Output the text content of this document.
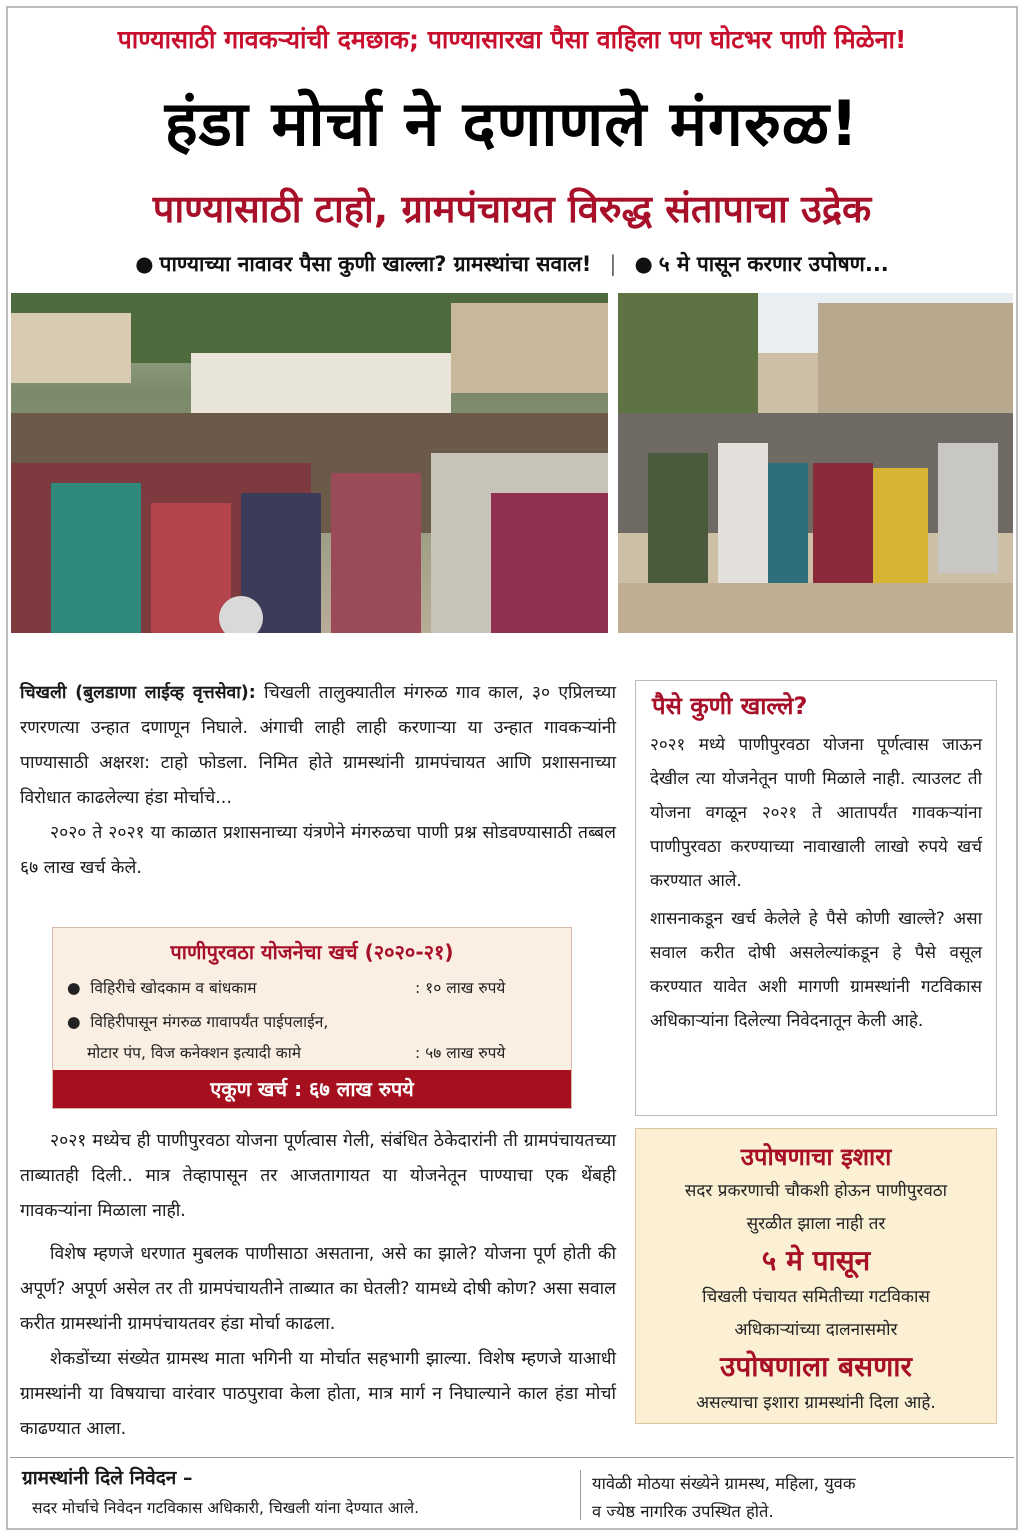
पाण्यासाठी गावकऱ्यांची दमछाक; पाण्यासारखा पैसा वाहिला पण घोटभर पाणी मिळेना!
हंडा मोर्चा ने दणाणले मंगरुळ!
पाण्यासाठी टाहो, ग्रामपंचायत विरुद्ध संतापाचा उद्रेक
● पाण्याच्या नावावर पैसा कुणी खाल्ला? ग्रामस्थांचा सवाल! | ● ५ मे पासून करणार उपोषण...

चिखली (बुलडाणा लाईव्ह वृत्तसेवा): चिखली तालुक्यातील मंगरुळ गाव काल, ३० एप्रिलच्या रणरणत्या उन्हात दणाणून निघाले. अंगाची लाही लाही करणाऱ्या या उन्हात गावकऱ्यांनी पाण्यासाठी अक्षरश: टाहो फोडला. निमित होते ग्रामस्थांनी ग्रामपंचायत आणि प्रशासनाच्या विरोधात काढलेल्या हंडा मोर्चाचे...

२०२० ते २०२१ या काळात प्रशासनाच्या यंत्रणेने मंगरुळचा पाणी प्रश्न सोडवण्यासाठी तब्बल ६७ लाख खर्च केले.

पाणीपुरवठा योजनेचा खर्च (२०२०-२१)
● विहिरीचे खोदकाम व बांधकाम	: १० लाख रुपये
● विहिरीपासून मंगरुळ गावापर्यंत पाईपलाईन,
मोटार पंप, विज कनेक्शन इत्यादी कामे	: ५७ लाख रुपये
एकूण खर्च : ६७ लाख रुपये

२०२१ मध्येच ही पाणीपुरवठा योजना पूर्णत्वास गेली, संबंधित ठेकेदारांनी ती ग्रामपंचायतच्या ताब्यातही दिली.. मात्र तेव्हापासून तर आजतागायत या योजनेतून पाण्याचा एक थेंबही गावकऱ्यांना मिळाला नाही.

विशेष म्हणजे धरणात मुबलक पाणीसाठा असताना, असे का झाले? योजना पूर्ण होती की अपूर्ण? अपूर्ण असेल तर ती ग्रामपंचायतीने ताब्यात का घेतली? यामध्ये दोषी कोण? असा सवाल करीत ग्रामस्थांनी ग्रामपंचायतवर हंडा मोर्चा काढला.

शेकडोंच्या संख्येत ग्रामस्थ माता भगिनी या मोर्चात सहभागी झाल्या. विशेष म्हणजे याआधी ग्रामस्थांनी या विषयाचा वारंवार पाठपुरावा केला होता, मात्र मार्ग न निघाल्याने काल हंडा मोर्चा काढण्यात आला.

पैसे कुणी खाल्ले?

२०२१ मध्ये पाणीपुरवठा योजना पूर्णत्वास जाऊन देखील त्या योजनेतून पाणी मिळाले नाही. त्याउलट ती योजना वगळून २०२१ ते आतापर्यंत गावकऱ्यांना पाणीपुरवठा करण्याच्या नावाखाली लाखो रुपये खर्च करण्यात आले.

शासनाकडून खर्च केलेले हे पैसे कोणी खाल्ले? असा सवाल करीत दोषी असलेल्यांकडून हे पैसे वसूल करण्यात यावेत अशी मागणी ग्रामस्थांनी गटविकास अधिकाऱ्यांना दिलेल्या निवेदनातून केली आहे.

उपोषणाचा इशारा
सदर प्रकरणाची चौकशी होऊन पाणीपुरवठा
सुरळीत झाला नाही तर
५ मे पासून
चिखली पंचायत समितीच्या गटविकास
अधिकाऱ्यांच्या दालनासमोर
उपोषणाला बसणार
असल्याचा इशारा ग्रामस्थांनी दिला आहे.
ग्रामस्थांनी दिले निवेदन –
सदर मोर्चाचे निवेदन गटविकास अधिकारी, चिखली यांना देण्यात आले.
यावेळी मोठया संख्येने ग्रामस्थ, महिला, युवक
व ज्येष्ठ नागरिक उपस्थित होते.
